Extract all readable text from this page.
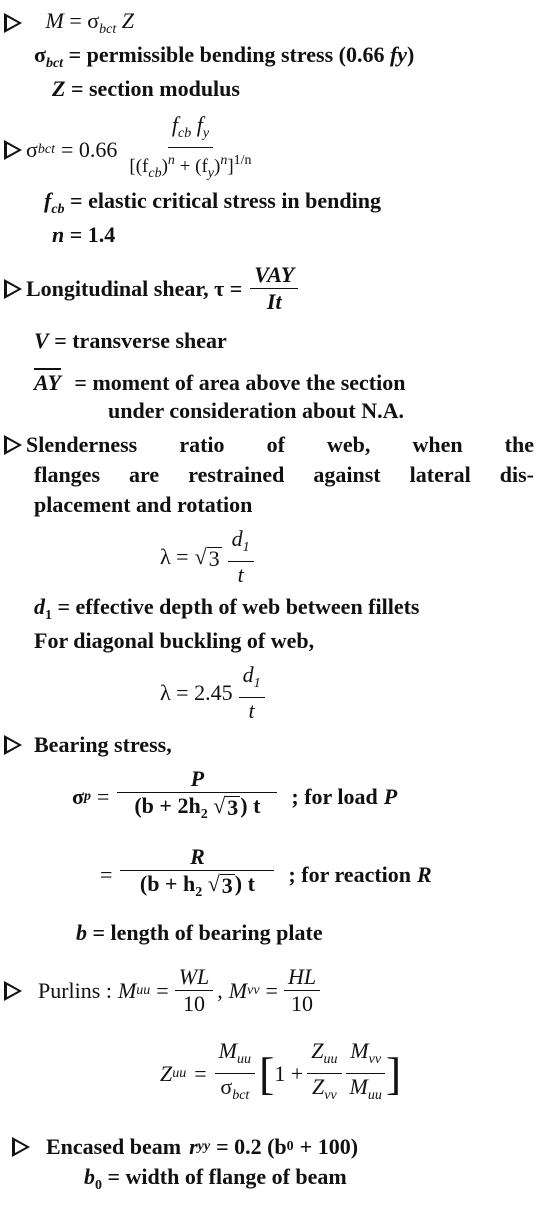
$M = \sigma_{bct}$ Z
$\sigma_{bct}$ = permissible bending stress (0.66 fy)
Z = section modulus
σ bct = $0.66 \frac{f_{cb} f_y}{[(f_{cb})^n + (f_y)^n]^{1/n}}$
$f_{cb}$ = elastic critical stress in bending
n = 1.4
Longitudinal shear, $\tau = \frac{\text{VAY}}{It}$
V = transverse shear
$\overline{AY}$ = moment of area above the section
under consideration about N.A.
Slenderness ratio of web, when the
flanges are restrained against lateral dis-
placement and rotation
λ = √ $3 \frac{d_1}{t}$
$d_1$ = effective depth of web between fillets
For diagonal buckling of web,
$\lambda = 2.45 \frac{d_1}{t}$
Bearing stress,
σ $p = \frac{P}{(b + 2h_2 √ 3 ) t}$ ; for load P
= $\frac{R}{(b + h_2 √ 3 ) t}$ ; for reaction R
b = length of bearing plate
Purlins : M uu = $\frac{WL}{10}$ , M vv = $\frac{HL}{10}$
Z uu = $\frac{M_{uu}}{\sigma_{bct}}$ [ $1 + \frac{Z_{uu}}{Z_{vv}} \frac{M_{vv}}{M_{uu}}$ ]
Encased beam r yy = 0.2 (b 0 + 100)
$b_0$ = width of flange of beam
